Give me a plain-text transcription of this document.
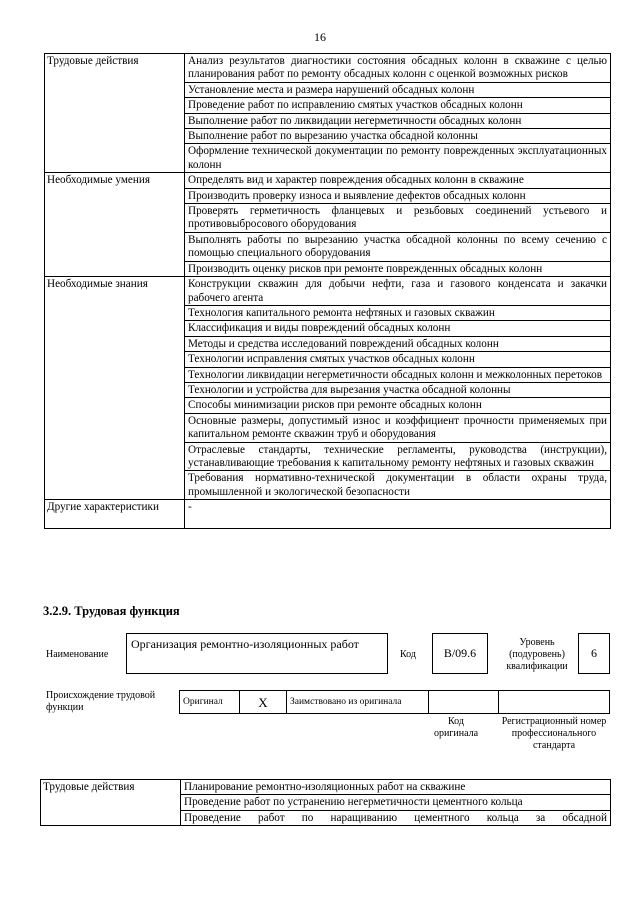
16
Трудовые действия	Анализ результатов диагностики состояния обсадных колонн в скважине с целью планирования работ по ремонту обсадных колонн с оценкой возможных рисков
	Установление места и размера нарушений обсадных колонн
	Проведение работ по исправлению смятых участков обсадных колонн
	Выполнение работ по ликвидации негерметичности обсадных колонн
	Выполнение работ по вырезанию участка обсадной колонны
	Оформление технической документации по ремонту поврежденных эксплуатационных колонн
Необходимые умения	Определять вид и характер повреждения обсадных колонн в скважине
	Производить проверку износа и выявление дефектов обсадных колонн
	Проверять герметичность фланцевых и резьбовых соединений устьевого и противовыбросового оборудования
	Выполнять работы по вырезанию участка обсадной колонны по всему сечению с помощью специального оборудования
	Производить оценку рисков при ремонте поврежденных обсадных колонн
Необходимые знания	Конструкции скважин для добычи нефти, газа и газового конденсата и закачки рабочего агента
	Технология капитального ремонта нефтяных и газовых скважин
	Классификация и виды повреждений обсадных колонн
	Методы и средства исследований повреждений обсадных колонн
	Технологии исправления смятых участков обсадных колонн
	Технологии ликвидации негерметичности обсадных колонн и межколонных перетоков
	Технологии и устройства для вырезания участка обсадной колонны
	Способы минимизации рисков при ремонте обсадных колонн
	Основные размеры, допустимый износ и коэффициент прочности применяемых при капитальном ремонте скважин труб и оборудования
	Отраслевые стандарты, технические регламенты, руководства (инструкции), устанавливающие требования к капитальному ремонту нефтяных и газовых скважин
	Требования нормативно-технической документации в области охраны труда, промышленной и экологической безопасности
Другие характеристики	-
3.2.9. Трудовая функция
Наименование
Организация ремонтно-изоляционных работ
Код	B/09.6
Уровень (подуровень) квалификации
6
Происхождение трудовой функции
Оригинал	X	Заимствовано из оригинала		
Код оригинала
Регистрационный номер профессионального стандарта
Трудовые действия	Планирование ремонтно-изоляционных работ на скважине
Проведение работ по устранению негерметичности цементного кольца
Проведение работ по наращиванию цементного кольца за обсадной
